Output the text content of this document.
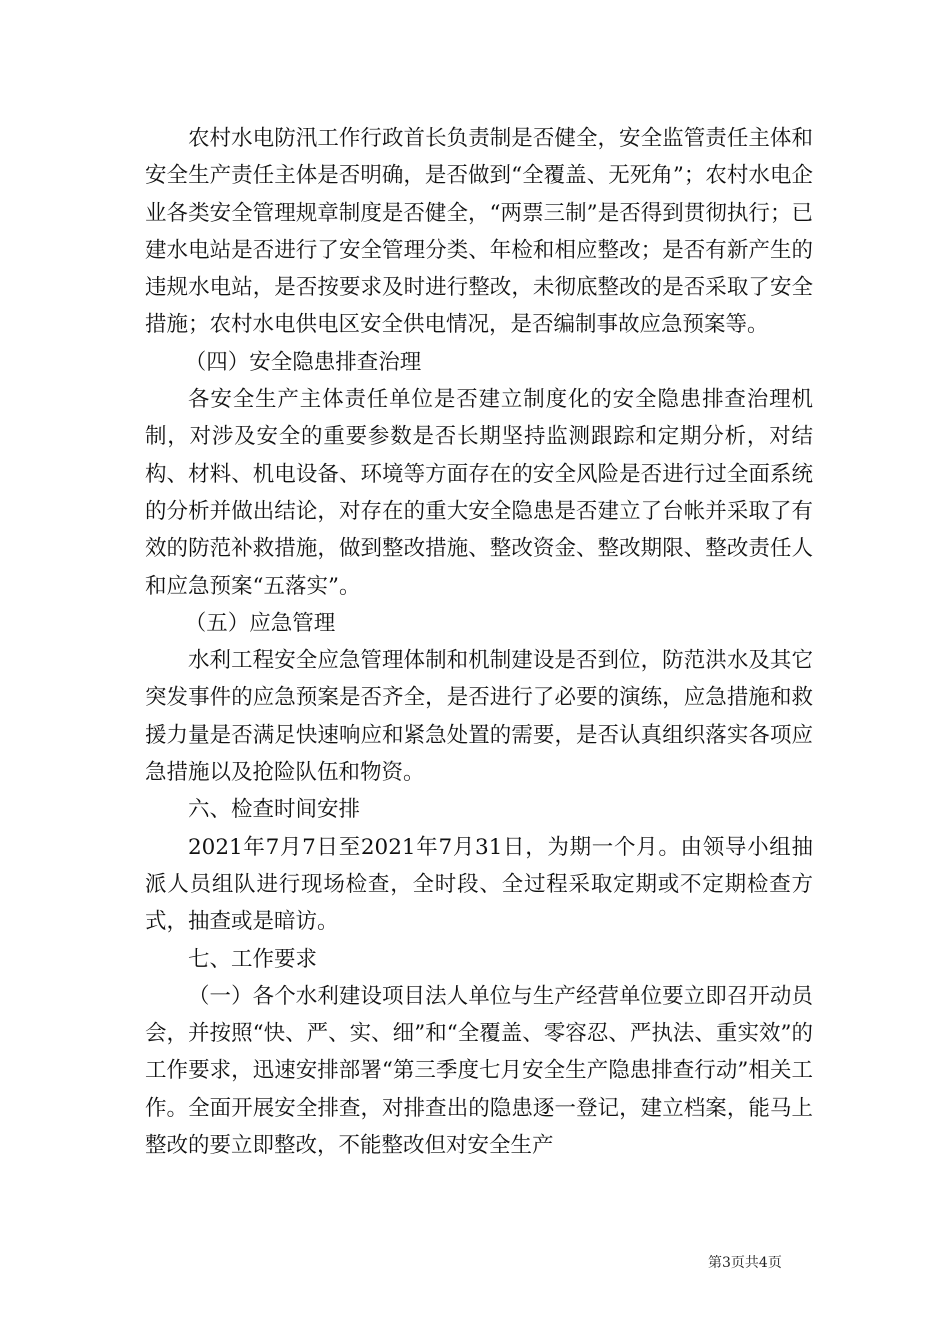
农村水电防汛工作行政首长负责制是否健全，安全监管责任主体和安全生产责任主体是否明确，是否做到“全覆盖、无死角”；农村水电企业各类安全管理规章制度是否健全，“两票三制”是否得到贯彻执行；已建水电站是否进行了安全管理分类、年检和相应整改；是否有新产生的违规水电站，是否按要求及时进行整改，未彻底整改的是否采取了安全措施；农村水电供电区安全供电情况，是否编制事故应急预案等。

（四）安全隐患排查治理

各安全生产主体责任单位是否建立制度化的安全隐患排查治理机制，对涉及安全的重要参数是否长期坚持监测跟踪和定期分析，对结构、材料、机电设备、环境等方面存在的安全风险是否进行过全面系统的分析并做出结论，对存在的重大安全隐患是否建立了台帐并采取了有效的防范补救措施，做到整改措施、整改资金、整改期限、整改责任人和应急预案“五落实”。

（五）应急管理

水利工程安全应急管理体制和机制建设是否到位，防范洪水及其它突发事件的应急预案是否齐全，是否进行了必要的演练，应急措施和救援力量是否满足快速响应和紧急处置的需要，是否认真组织落实各项应急措施以及抢险队伍和物资。

六、检查时间安排

2021年7月7日至2021年7月31日，为期一个月。由领导小组抽派人员组队进行现场检查，全时段、全过程采取定期或不定期检查方式，抽查或是暗访。

七、工作要求

（一）各个水利建设项目法人单位与生产经营单位要立即召开动员会，并按照“快、严、实、细”和“全覆盖、零容忍、严执法、重实效”的工作要求，迅速安排部署“第三季度七月安全生产隐患排查行动”相关工作。全面开展安全排查，对排查出的隐患逐一登记，建立档案，能马上整改的要立即整改，不能整改但对安全生产

第3页共4页
